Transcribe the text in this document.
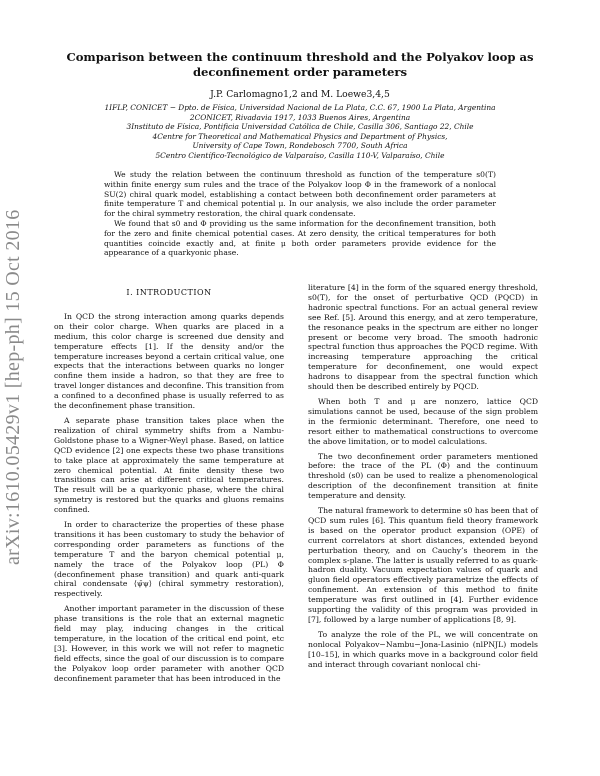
arXiv:1610.05429v1 [hep-ph] 15 Oct 2016
Comparison between the continuum threshold and the Polyakov loop as deconfinement order parameters
J.P. Carlomagno1,2 and M. Loewe3,4,5
1IFLP, CONICET − Dpto. de Física, Universidad Nacional de La Plata, C.C. 67, 1900 La Plata, Argentina
2CONICET, Rivadavia 1917, 1033 Buenos Aires, Argentina
3Instituto de Física, Pontificia Universidad Católica de Chile, Casilla 306, Santiago 22, Chile
4Centre for Theoretical and Mathematical Physics and Department of Physics,
University of Cape Town, Rondebosch 7700, South Africa
5Centro Científico-Tecnológico de Valparaíso, Casilla 110-V, Valparaíso, Chile

We study the relation between the continuum threshold as function of the temperature s0(T) within finite energy sum rules and the trace of the Polyakov loop Φ in the framework of a nonlocal SU(2) chiral quark model, establishing a contact between both deconfinement order parameters at finite temperature T and chemical potential μ. In our analysis, we also include the order parameter for the chiral symmetry restoration, the chiral quark condensate.

We found that s0 and Φ providing us the same information for the deconfinement transition, both for the zero and finite chemical potential cases. At zero density, the critical temperatures for both quantities coincide exactly and, at finite μ both order parameters provide evidence for the appearance of a quarkyonic phase.

I. INTRODUCTION

In QCD the strong interaction among quarks depends on their color charge. When quarks are placed in a medium, this color charge is screened due density and temperature effects [1]. If the density and/or the temperature increases beyond a certain critical value, one expects that the interactions between quarks no longer confine them inside a hadron, so that they are free to travel longer distances and deconfine. This transition from a confined to a deconfined phase is usually referred to as the deconfinement phase transition.

A separate phase transition takes place when the realization of chiral symmetry shifts from a Nambu-Goldstone phase to a Wigner-Weyl phase. Based, on lattice QCD evidence [2] one expects these two phase transitions to take place at approximately the same temperature at zero chemical potential. At finite density these two transitions can arise at different critical temperatures. The result will be a quarkyonic phase, where the chiral symmetry is restored but the quarks and gluons remains confined.

In order to characterize the properties of these phase transitions it has been customary to study the behavior of corresponding order parameters as functions of the temperature T and the baryon chemical potential μ, namely the trace of the Polyakov loop (PL) Φ (deconfinement phase transition) and quark anti-quark chiral condensate ⟨ψ̄ψ⟩ (chiral symmetry restoration), respectively.

Another important parameter in the discussion of these phase transitions is the role that an external magnetic field may play, inducing changes in the critical temperature, in the location of the critical end point, etc [3]. However, in this work we will not refer to magnetic field effects, since the goal of our discussion is to compare the Polyakov loop order parameter with another QCD deconfinement parameter that has been introduced in the

literature [4] in the form of the squared energy threshold, s0(T), for the onset of perturbative QCD (PQCD) in hadronic spectral functions. For an actual general review see Ref. [5]. Around this energy, and at zero temperature, the resonance peaks in the spectrum are either no longer present or become very broad. The smooth hadronic spectral function thus approaches the PQCD regime. With increasing temperature approaching the critical temperature for deconfinement, one would expect hadrons to disappear from the spectral function which should then be described entirely by PQCD.

When both T and μ are nonzero, lattice QCD simulations cannot be used, because of the sign problem in the fermionic determinant. Therefore, one need to resort either to mathematical constructions to overcome the above limitation, or to model calculations.

The two deconfinement order parameters mentioned before: the trace of the PL (Φ) and the continuum threshold (s0) can be used to realize a phenomenological description of the deconfinement transition at finite temperature and density.

The natural framework to determine s0 has been that of QCD sum rules [6]. This quantum field theory framework is based on the operator product expansion (OPE) of current correlators at short distances, extended beyond perturbation theory, and on Cauchy’s theorem in the complex s-plane. The latter is usually referred to as quark-hadron duality. Vacuum expectation values of quark and gluon field operators effectively parametrize the effects of confinement. An extension of this method to finite temperature was first outlined in [4]. Further evidence supporting the validity of this program was provided in [7], followed by a large number of applications [8, 9].

To analyze the role of the PL, we will concentrate on nonlocal Polyakov−Nambu−Jona-Lasinio (nlPNJL) models [10–15], in which quarks move in a background color field and interact through covariant nonlocal chi-
